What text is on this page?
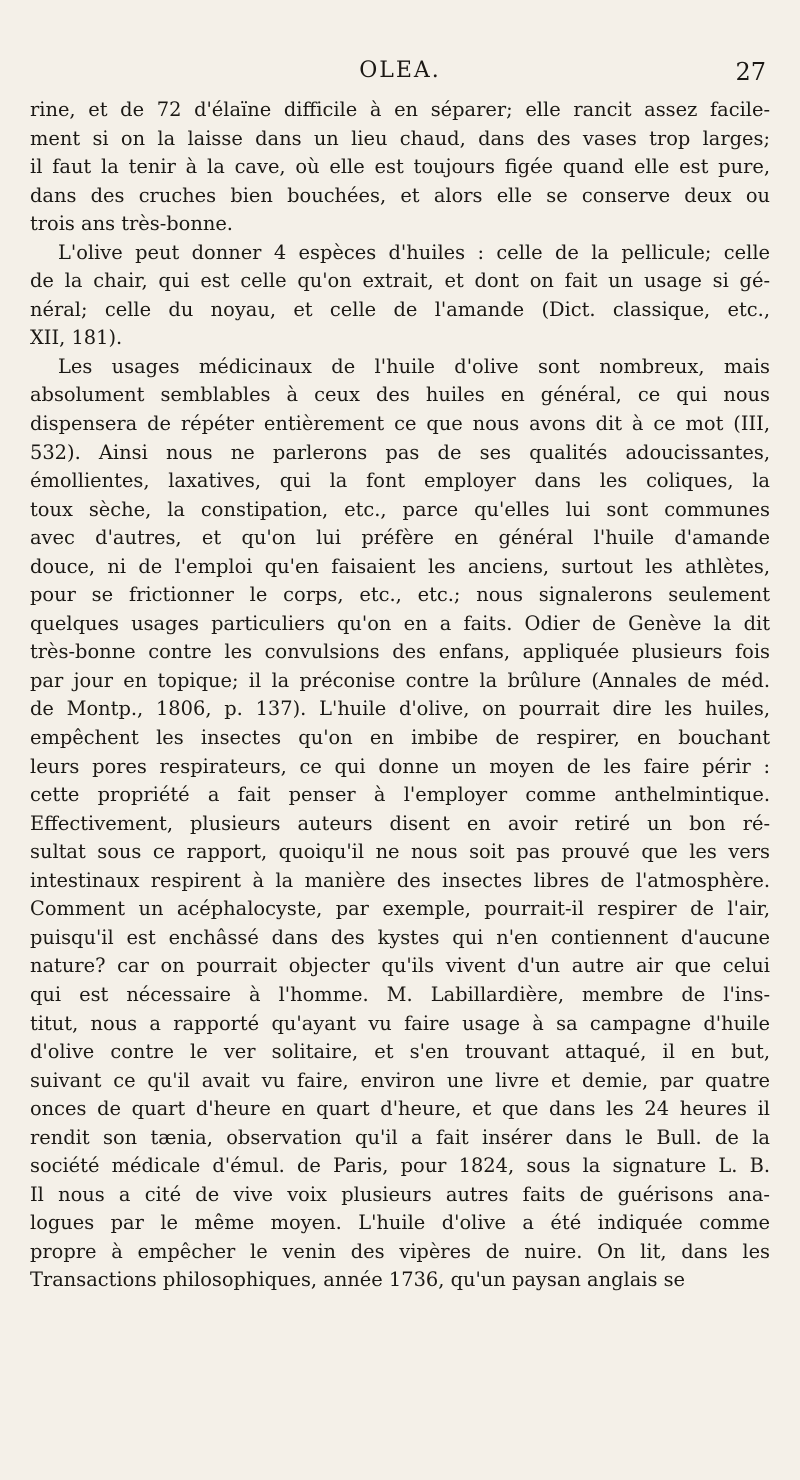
OLEA.	27
rine, et de 72 d'élaïne difficile à en séparer; elle rancit assez facile-
ment si on la laisse dans un lieu chaud, dans des vases trop larges;
il faut la tenir à la cave, où elle est toujours figée quand elle est pure,
dans des cruches bien bouchées, et alors elle se conserve deux ou
trois ans très-bonne.
L'olive peut donner 4 espèces d'huiles : celle de la pellicule; celle
de la chair, qui est celle qu'on extrait, et dont on fait un usage si gé-
néral; celle du noyau, et celle de l'amande (Dict. classique, etc.,
XII, 181).
Les usages médicinaux de l'huile d'olive sont nombreux, mais
absolument semblables à ceux des huiles en général, ce qui nous
dispensera de répéter entièrement ce que nous avons dit à ce mot (III,
532). Ainsi nous ne parlerons pas de ses qualités adoucissantes,
émollientes, laxatives, qui la font employer dans les coliques, la
toux sèche, la constipation, etc., parce qu'elles lui sont communes
avec d'autres, et qu'on lui préfère en général l'huile d'amande
douce, ni de l'emploi qu'en faisaient les anciens, surtout les athlètes,
pour se frictionner le corps, etc., etc.; nous signalerons seulement
quelques usages particuliers qu'on en a faits. Odier de Genève la dit
très-bonne contre les convulsions des enfans, appliquée plusieurs fois
par jour en topique; il la préconise contre la brûlure (Annales de méd.
de Montp., 1806, p. 137). L'huile d'olive, on pourrait dire les huiles,
empêchent les insectes qu'on en imbibe de respirer, en bouchant
leurs pores respirateurs, ce qui donne un moyen de les faire périr :
cette propriété a fait penser à l'employer comme anthelmintique.
Effectivement, plusieurs auteurs disent en avoir retiré un bon ré-
sultat sous ce rapport, quoiqu'il ne nous soit pas prouvé que les vers
intestinaux respirent à la manière des insectes libres de l'atmosphère.
Comment un acéphalocyste, par exemple, pourrait-il respirer de l'air,
puisqu'il est enchâssé dans des kystes qui n'en contiennent d'aucune
nature? car on pourrait objecter qu'ils vivent d'un autre air que celui
qui est nécessaire à l'homme. M. Labillardière, membre de l'ins-
titut, nous a rapporté qu'ayant vu faire usage à sa campagne d'huile
d'olive contre le ver solitaire, et s'en trouvant attaqué, il en but,
suivant ce qu'il avait vu faire, environ une livre et demie, par quatre
onces de quart d'heure en quart d'heure, et que dans les 24 heures il
rendit son tænia, observation qu'il a fait insérer dans le Bull. de la
société médicale d'émul. de Paris, pour 1824, sous la signature L. B.
Il nous a cité de vive voix plusieurs autres faits de guérisons ana-
logues par le même moyen. L'huile d'olive a été indiquée comme
propre à empêcher le venin des vipères de nuire. On lit, dans les
Transactions philosophiques, année 1736, qu'un paysan anglais se
